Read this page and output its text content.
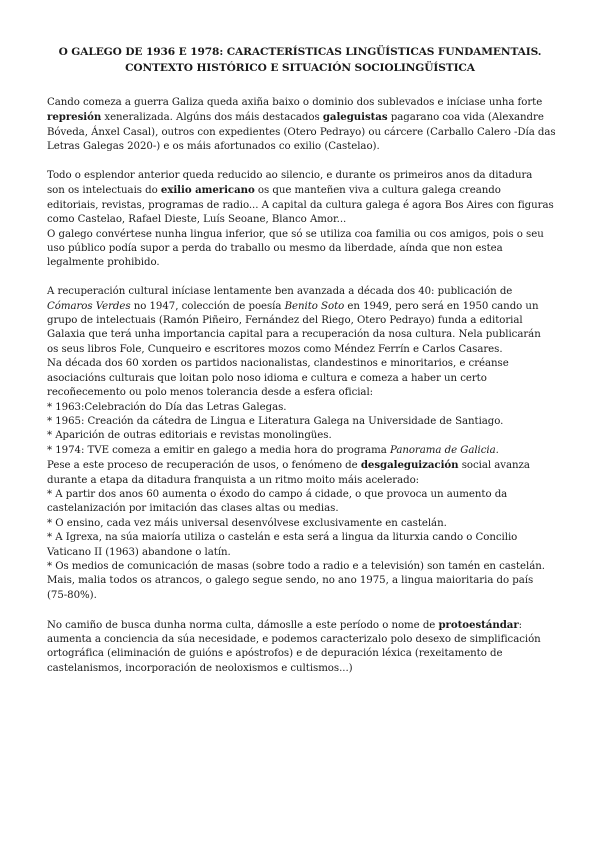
O GALEGO DE 1936 E 1978: CARACTERÍSTICAS LINGÜÍSTICAS FUNDAMENTAIS.
CONTEXTO HISTÓRICO E SITUACIÓN SOCIOLINGÜÍSTICA
Cando comeza a guerra Galiza queda axiña baixo o dominio dos sublevados e iníciase unha forte
represión xeneralizada. Algúns dos máis destacados galeguistas pagarano coa vida (Alexandre
Bóveda, Ánxel Casal), outros con expedientes (Otero Pedrayo) ou cárcere (Carballo Calero -Día das
Letras Galegas 2020-) e os máis afortunados co exilio (Castelao).
Todo o esplendor anterior queda reducido ao silencio, e durante os primeiros anos da ditadura
son os intelectuais do exilio americano os que manteñen viva a cultura galega creando
editoriais, revistas, programas de radio... A capital da cultura galega é agora Bos Aires con figuras
como Castelao, Rafael Dieste, Luís Seoane, Blanco Amor...
O galego convértese nunha lingua inferior, que só se utiliza coa familia ou cos amigos, pois o seu
uso público podía supor a perda do traballo ou mesmo da liberdade, aínda que non estea
legalmente prohibido.
A recuperación cultural iníciase lentamente ben avanzada a década dos 40: publicación de
Cómaros Verdes no 1947, colección de poesía Benito Soto en 1949, pero será en 1950 cando un
grupo de intelectuais (Ramón Piñeiro, Fernández del Riego, Otero Pedrayo) funda a editorial
Galaxia que terá unha importancia capital para a recuperación da nosa cultura. Nela publicarán
os seus libros Fole, Cunqueiro e escritores mozos como Méndez Ferrín e Carlos Casares.
Na década dos 60 xorden os partidos nacionalistas, clandestinos e minoritarios, e créanse
asociacións culturais que loitan polo noso idioma e cultura e comeza a haber un certo
recoñecemento ou polo menos tolerancia desde a esfera oficial:
* 1963:Celebración do Día das Letras Galegas.
* 1965: Creación da cátedra de Lingua e Literatura Galega na Universidade de Santiago.
* Aparición de outras editoriais e revistas monolingües.
* 1974: TVE comeza a emitir en galego a media hora do programa Panorama de Galicia.
Pese a este proceso de recuperación de usos, o fenómeno de desgaleguización social avanza
durante a etapa da ditadura franquista a un ritmo moito máis acelerado:
* A partir dos anos 60 aumenta o éxodo do campo á cidade, o que provoca un aumento da
castelanización por imitación das clases altas ou medias.
* O ensino, cada vez máis universal desenvólvese exclusivamente en castelán.
* A Igrexa, na súa maioría utiliza o castelán e esta será a lingua da liturxia cando o Concilio
Vaticano II (1963) abandone o latín.
* Os medios de comunicación de masas (sobre todo a radio e a televisión) son tamén en castelán.
Mais, malia todos os atrancos, o galego segue sendo, no ano 1975, a lingua maioritaria do país
(75-80%).
No camiño de busca dunha norma culta, dámoslle a este período o nome de protoestándar:
aumenta a conciencia da súa necesidade, e podemos caracterizalo polo desexo de simplificación
ortográfica (eliminación de guións e apóstrofos) e de depuración léxica (rexeitamento de
castelanismos, incorporación de neoloxismos e cultismos...)
